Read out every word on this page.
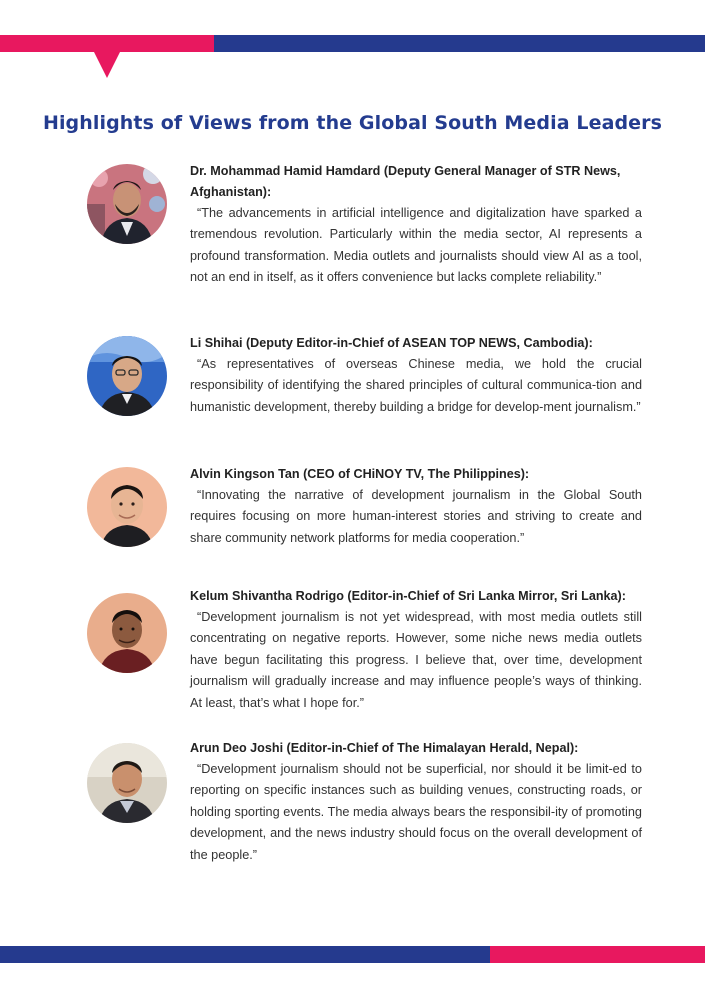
Highlights of Views from the Global South Media Leaders

Dr. Mohammad Hamid Hamdard (Deputy General Manager of STR News, Afghanistan):

“The advancements in artificial intelligence and digitalization have sparked a tremendous revolution. Particularly within the media sector, AI represents a profound transformation. Media outlets and journalists should view AI as a tool, not an end in itself, as it offers convenience but lacks complete reliability.”

Li Shihai (Deputy Editor-in-Chief of ASEAN TOP NEWS, Cambodia):

“As representatives of overseas Chinese media, we hold the crucial responsibility of identifying the shared principles of cultural communica-tion and humanistic development, thereby building a bridge for develop-ment journalism.”

Alvin Kingson Tan (CEO of CHiNOY TV, The Philippines):

“Innovating the narrative of development journalism in the Global South requires focusing on more human-interest stories and striving to create and share community network platforms for media cooperation.”

Kelum Shivantha Rodrigo (Editor-in-Chief of Sri Lanka Mirror, Sri Lanka):

“Development journalism is not yet widespread, with most media outlets still concentrating on negative reports. However, some niche news media outlets have begun facilitating this progress. I believe that, over time, development journalism will gradually increase and may influence people’s ways of thinking. At least, that’s what I hope for.”

Arun Deo Joshi (Editor-in-Chief of The Himalayan Herald, Nepal):

“Development journalism should not be superficial, nor should it be limit-ed to reporting on specific instances such as building venues, constructing roads, or holding sporting events. The media always bears the responsibil-ity of promoting development, and the news industry should focus on the overall development of the people.”
